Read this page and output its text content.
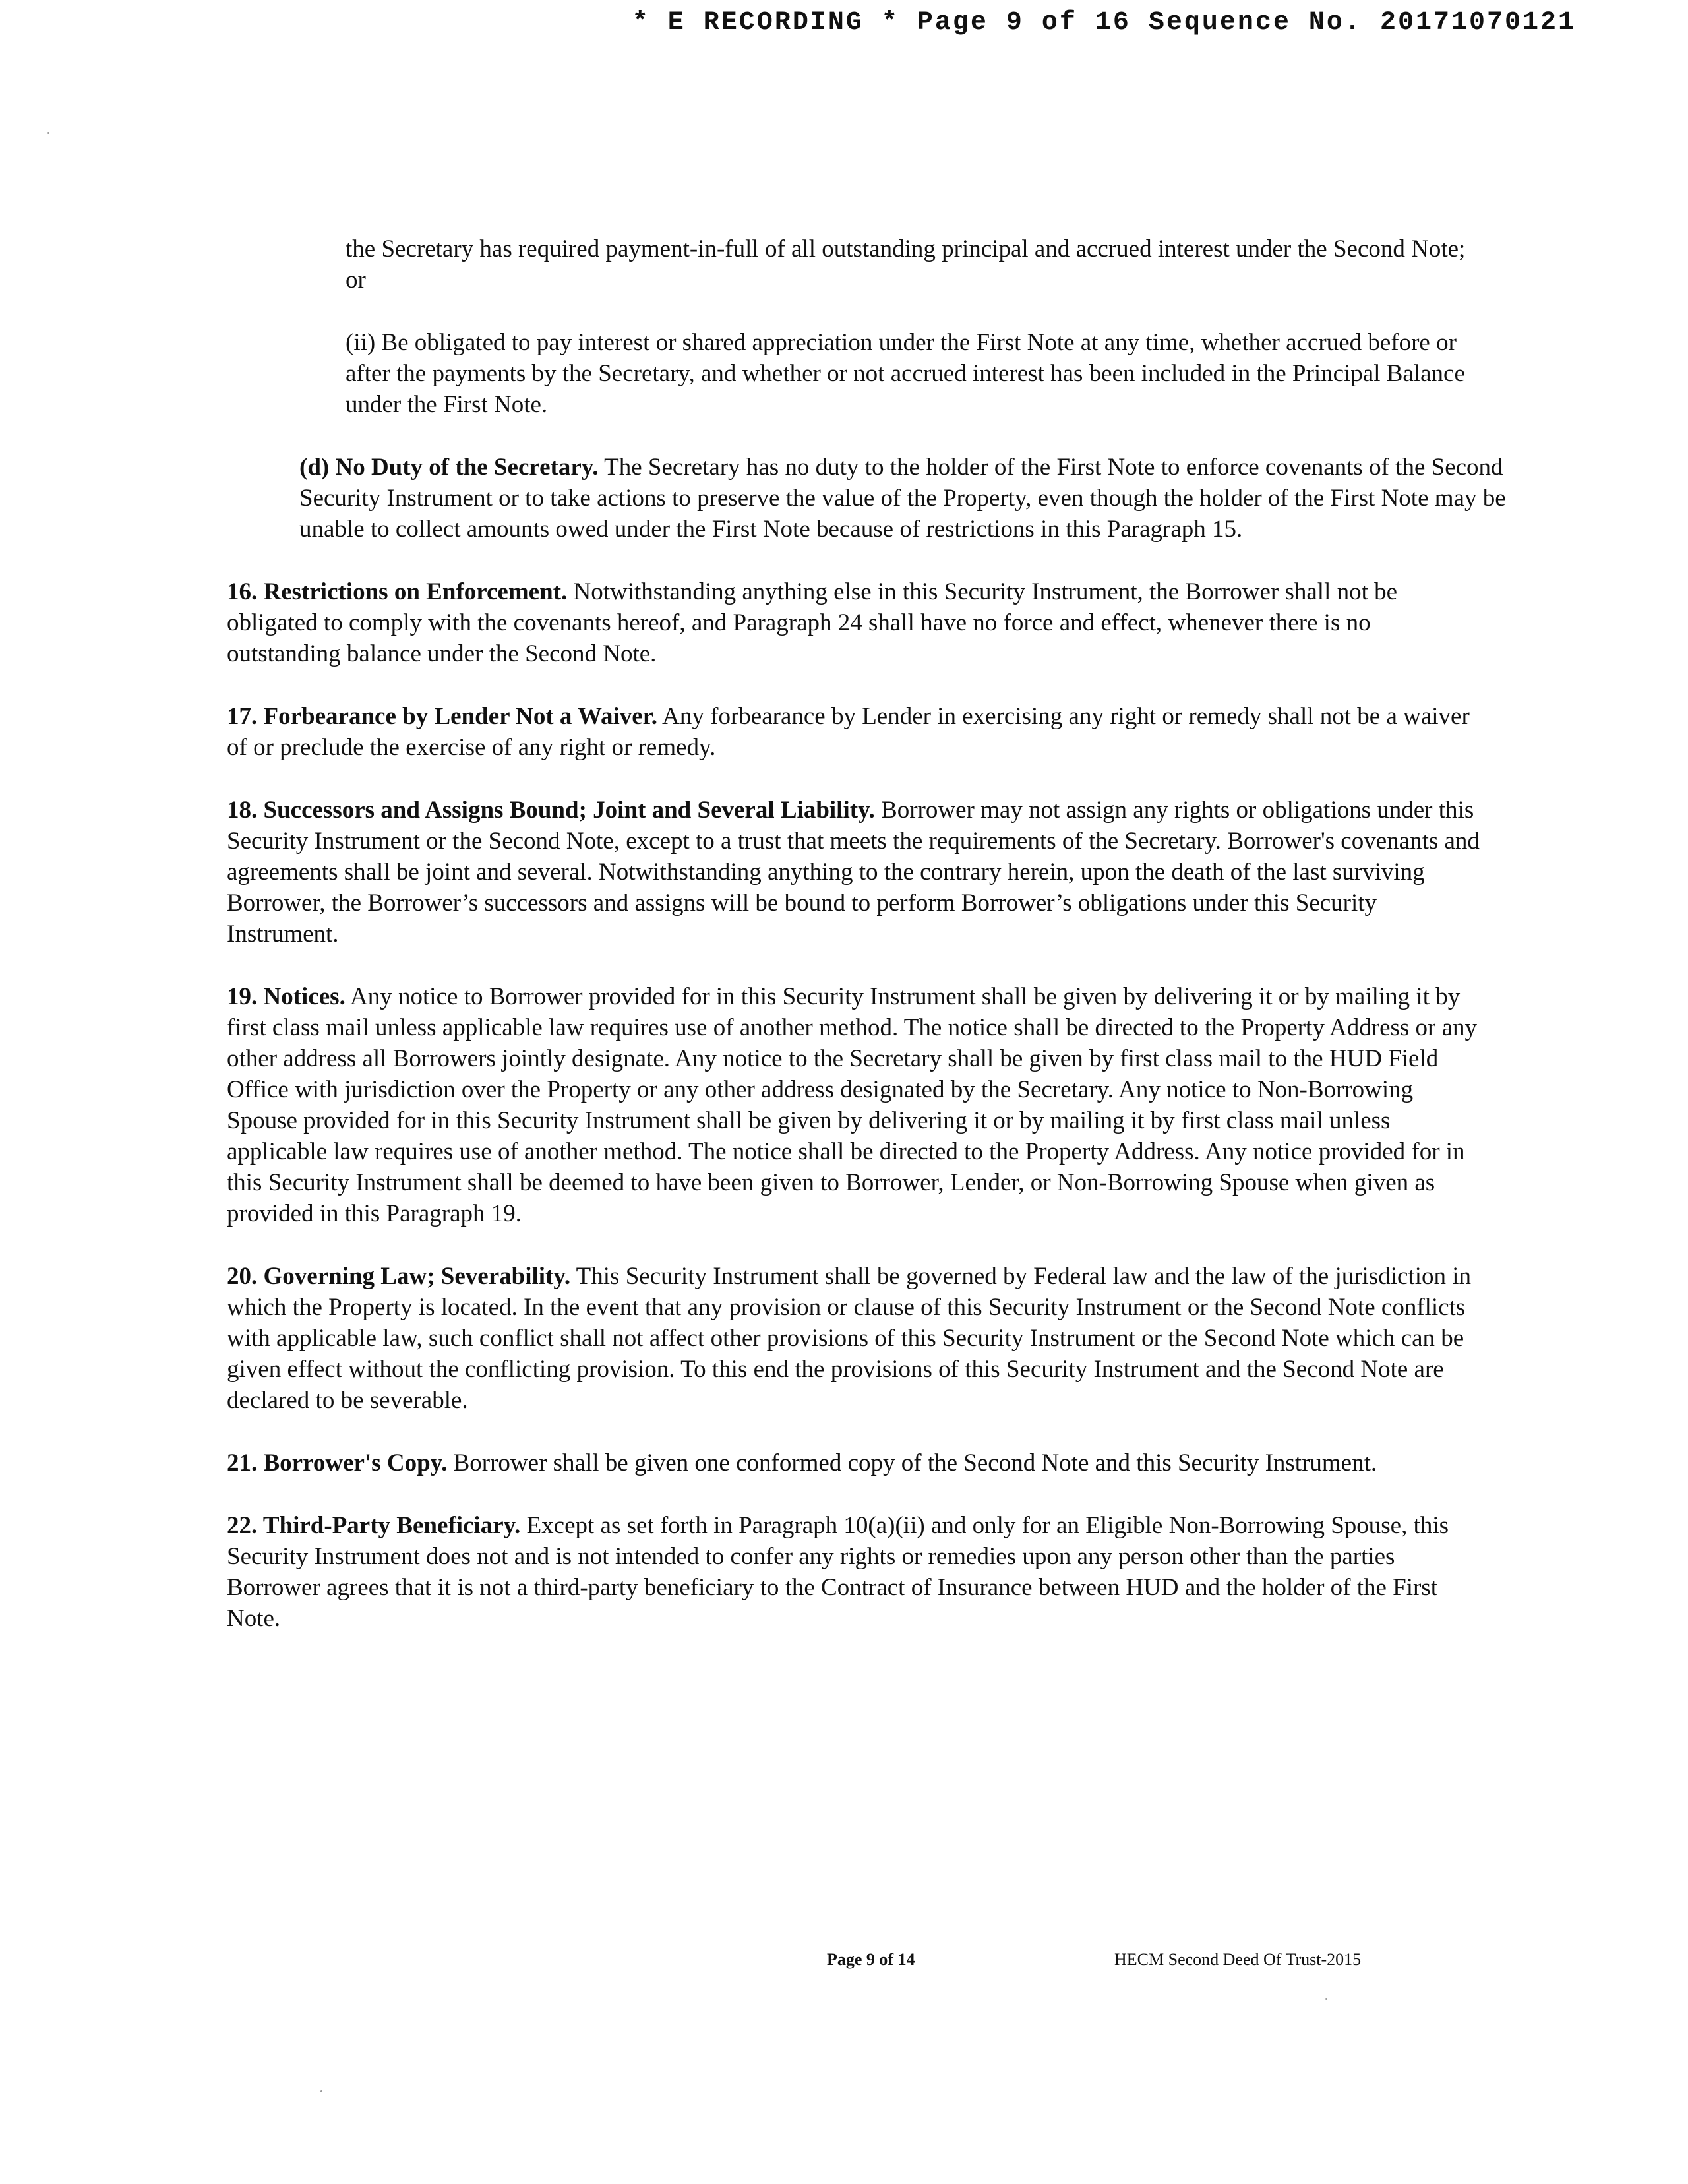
* E RECORDING * Page 9 of 16 Sequence No. 20171070121

the Secretary has required payment-in-full of all outstanding principal and accrued interest under the Second Note; or

(ii) Be obligated to pay interest or shared appreciation under the First Note at any time, whether accrued before or after the payments by the Secretary, and whether or not accrued interest has been included in the Principal Balance under the First Note.

(d) No Duty of the Secretary. The Secretary has no duty to the holder of the First Note to enforce covenants of the Second Security Instrument or to take actions to preserve the value of the Property, even though the holder of the First Note may be unable to collect amounts owed under the First Note because of restrictions in this Paragraph 15.

16. Restrictions on Enforcement. Notwithstanding anything else in this Security Instrument, the Borrower shall not be obligated to comply with the covenants hereof, and Paragraph 24 shall have no force and effect, whenever there is no outstanding balance under the Second Note.

17. Forbearance by Lender Not a Waiver. Any forbearance by Lender in exercising any right or remedy shall not be a waiver of or preclude the exercise of any right or remedy.

18. Successors and Assigns Bound; Joint and Several Liability. Borrower may not assign any rights or obligations under this Security Instrument or the Second Note, except to a trust that meets the requirements of the Secretary. Borrower's covenants and agreements shall be joint and several. Notwithstanding anything to the contrary herein, upon the death of the last surviving Borrower, the Borrower’s successors and assigns will be bound to perform Borrower’s obligations under this Security Instrument.

19. Notices. Any notice to Borrower provided for in this Security Instrument shall be given by delivering it or by mailing it by first class mail unless applicable law requires use of another method. The notice shall be directed to the Property Address or any other address all Borrowers jointly designate. Any notice to the Secretary shall be given by first class mail to the HUD Field Office with jurisdiction over the Property or any other address designated by the Secretary. Any notice to Non-Borrowing Spouse provided for in this Security Instrument shall be given by delivering it or by mailing it by first class mail unless applicable law requires use of another method. The notice shall be directed to the Property Address. Any notice provided for in this Security Instrument shall be deemed to have been given to Borrower, Lender, or Non-Borrowing Spouse when given as provided in this Paragraph 19.

20. Governing Law; Severability. This Security Instrument shall be governed by Federal law and the law of the jurisdiction in which the Property is located. In the event that any provision or clause of this Security Instrument or the Second Note conflicts with applicable law, such conflict shall not affect other provisions of this Security Instrument or the Second Note which can be given effect without the conflicting provision. To this end the provisions of this Security Instrument and the Second Note are declared to be severable.

21. Borrower's Copy. Borrower shall be given one conformed copy of the Second Note and this Security Instrument.

22. Third-Party Beneficiary. Except as set forth in Paragraph 10(a)(ii) and only for an Eligible Non-Borrowing Spouse, this Security Instrument does not and is not intended to confer any rights or remedies upon any person other than the parties Borrower agrees that it is not a third-party beneficiary to the Contract of Insurance between HUD and the holder of the First Note.

Page 9 of 14	HECM Second Deed Of Trust-2015
